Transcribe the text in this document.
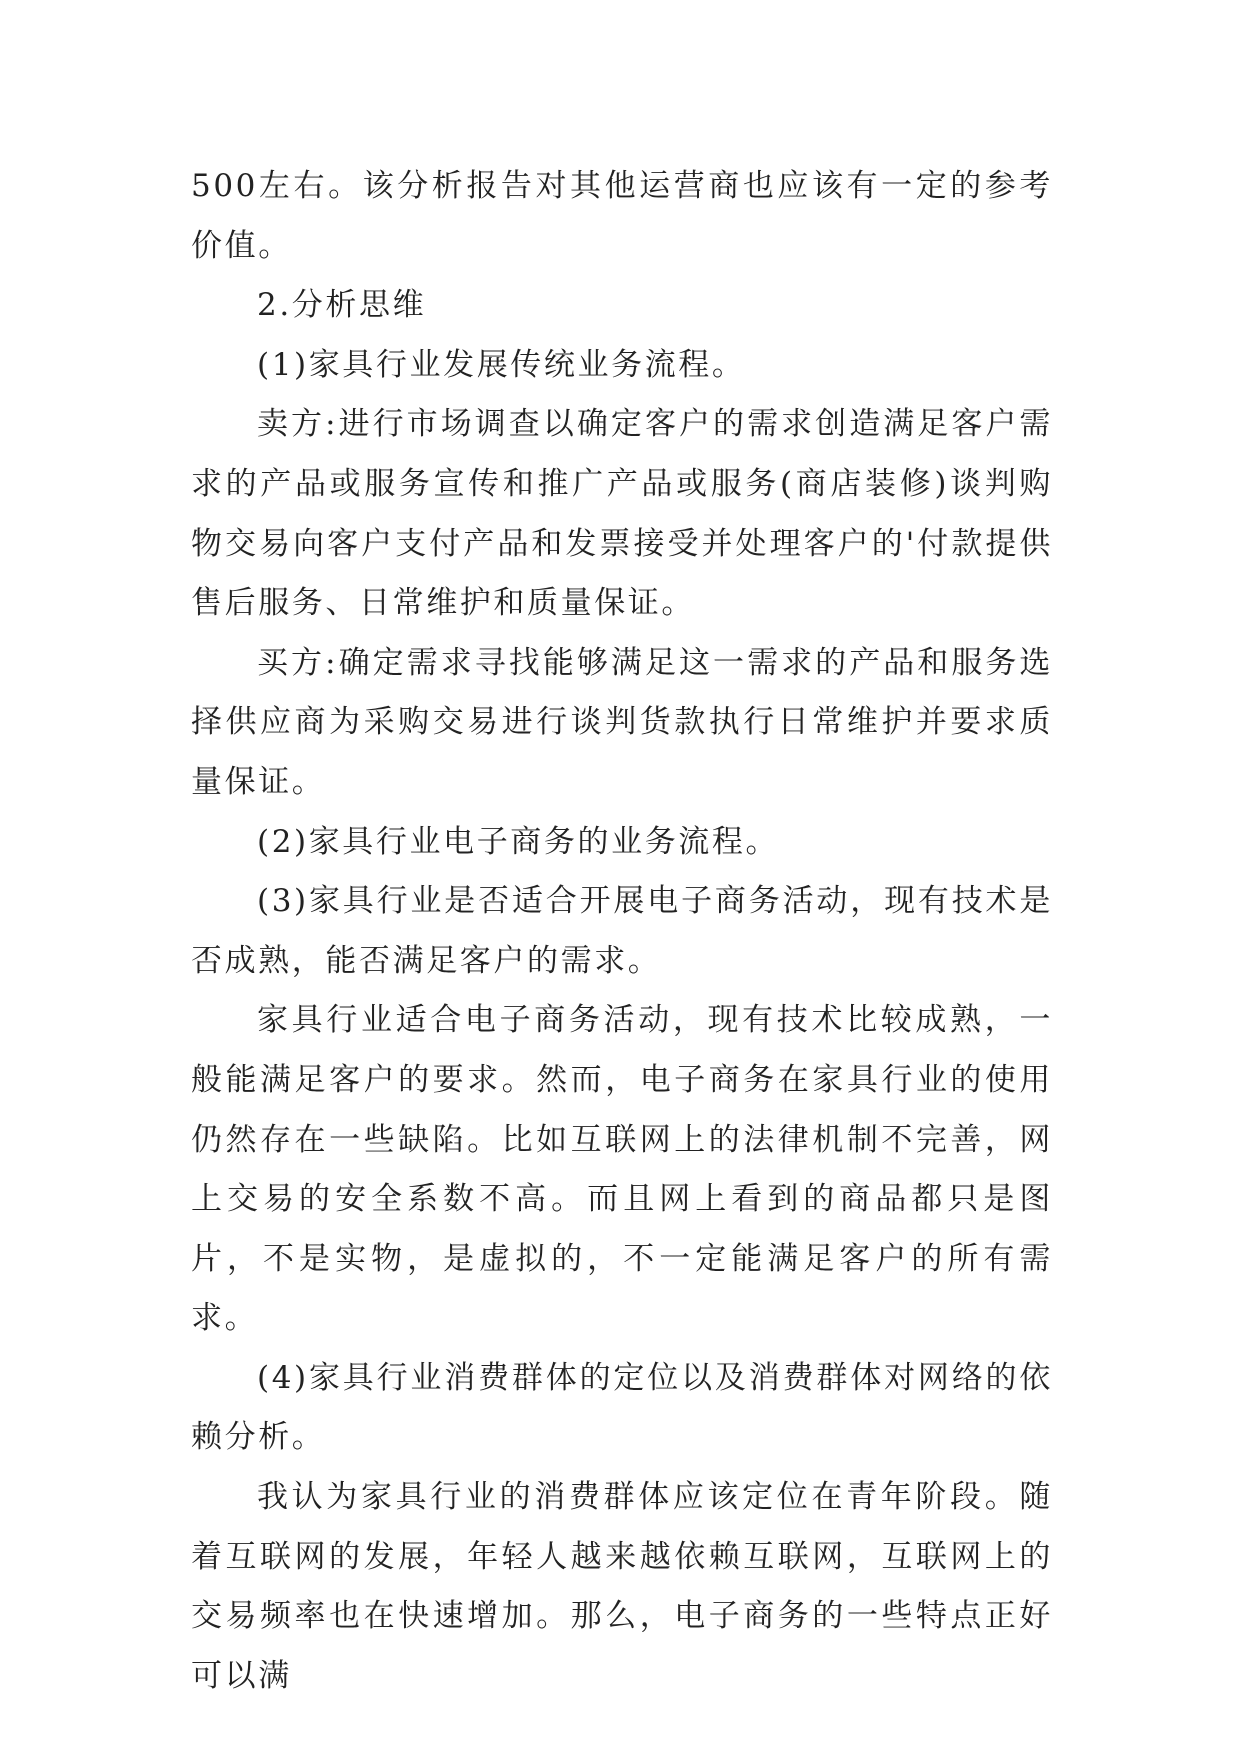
500左右。该分析报告对其他运营商也应该有一定的参考价值。

2.分析思维

(1)家具行业发展传统业务流程。

卖方:进行市场调查以确定客户的需求创造满足客户需求的产品或服务宣传和推广产品或服务(商店装修)谈判购物交易向客户支付产品和发票接受并处理客户的'付款提供售后服务、日常维护和质量保证。

买方:确定需求寻找能够满足这一需求的产品和服务选择供应商为采购交易进行谈判货款执行日常维护并要求质量保证。

(2)家具行业电子商务的业务流程。

(3)家具行业是否适合开展电子商务活动，现有技术是否成熟，能否满足客户的需求。

家具行业适合电子商务活动，现有技术比较成熟，一般能满足客户的要求。然而，电子商务在家具行业的使用仍然存在一些缺陷。比如互联网上的法律机制不完善，网上交易的安全系数不高。而且网上看到的商品都只是图片，不是实物，是虚拟的，不一定能满足客户的所有需求。

(4)家具行业消费群体的定位以及消费群体对网络的依赖分析。

我认为家具行业的消费群体应该定位在青年阶段。随着互联网的发展，年轻人越来越依赖互联网，互联网上的交易频率也在快速增加。那么，电子商务的一些特点正好可以满
